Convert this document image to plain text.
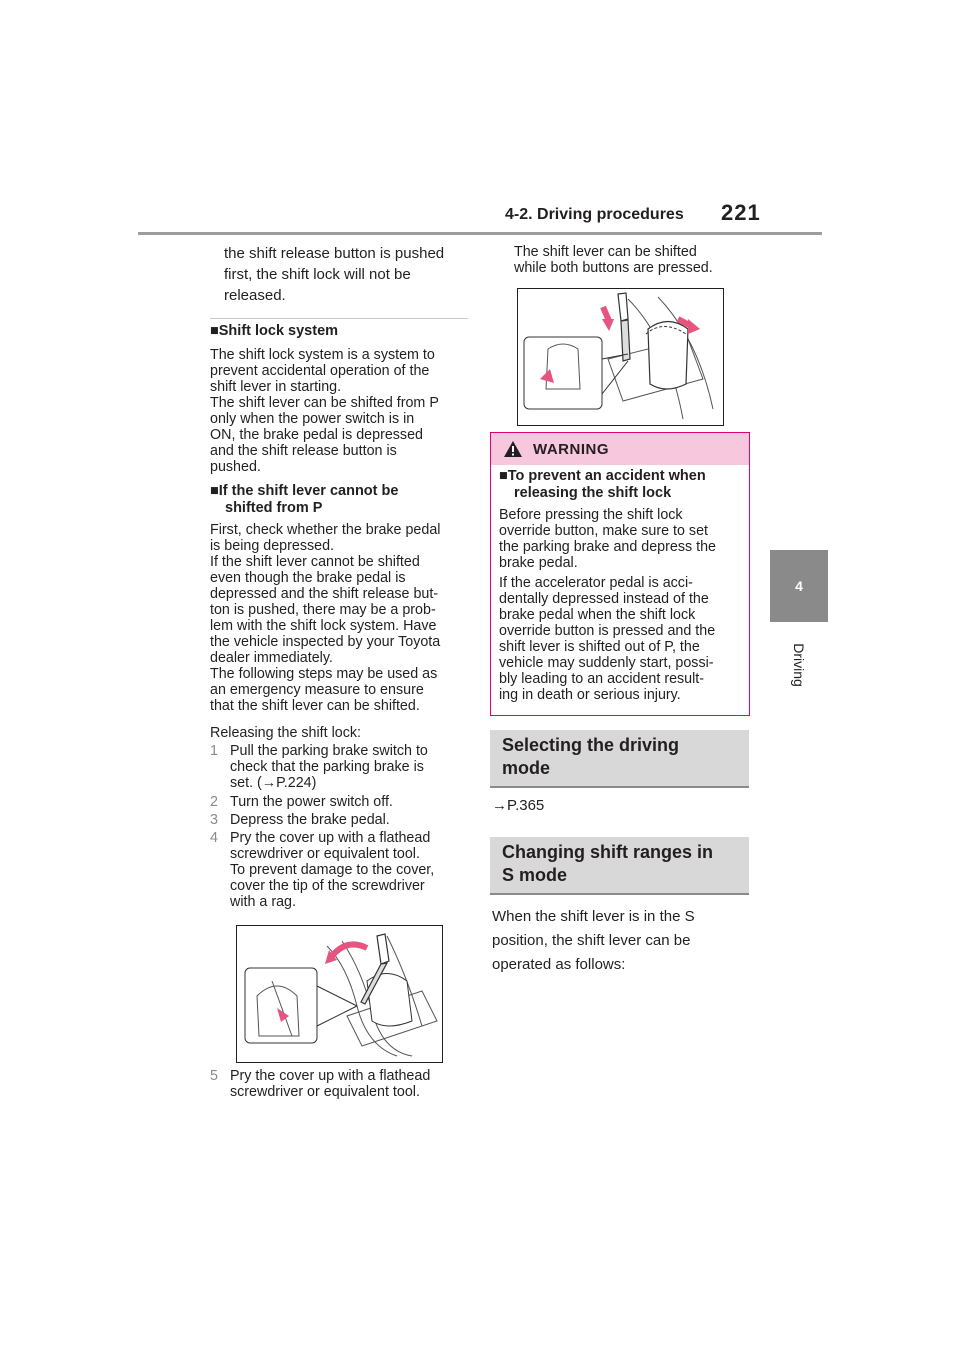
4-2. Driving procedures 221
4
Driving

the shift release button is pushed

first, the shift lock will not be

released.

■Shift lock system

The shift lock system is a system to

prevent accidental operation of the

shift lever in starting.

The shift lever can be shifted from P

only when the power switch is in

ON, the brake pedal is depressed

and the shift release button is

pushed.

■If the shift lever cannot be
shifted from P

First, check whether the brake pedal

is being depressed.

If the shift lever cannot be shifted

even though the brake pedal is

depressed and the shift release but-

ton is pushed, there may be a prob-

lem with the shift lock system. Have

the vehicle inspected by your Toyota

dealer immediately.

The following steps may be used as

an emergency measure to ensure

that the shift lever can be shifted.

Releasing the shift lock:
1 Pull the parking brake switch to

check that the parking brake is

set. (→P.224)

2 Turn the power switch off.

3 Depress the brake pedal.

4 Pry the cover up with a flathead

screwdriver or equivalent tool.

To prevent damage to the cover,

cover the tip of the screwdriver

with a rag.

5 Pry the cover up with a flathead

screwdriver or equivalent tool.

The shift lever can be shifted

while both buttons are pressed.

WARNING
■To prevent an accident when
releasing the shift lock

Before pressing the shift lock

override button, make sure to set

the parking brake and depress the

brake pedal.

If the accelerator pedal is acci-

dentally depressed instead of the

brake pedal when the shift lock

override button is pressed and the

shift lever is shifted out of P, the

vehicle may suddenly start, possi-

bly leading to an accident result-

ing in death or serious injury.

Selecting the driving
mode
→P.365
Changing shift ranges in
S mode

When the shift lever is in the S

position, the shift lever can be

operated as follows:
